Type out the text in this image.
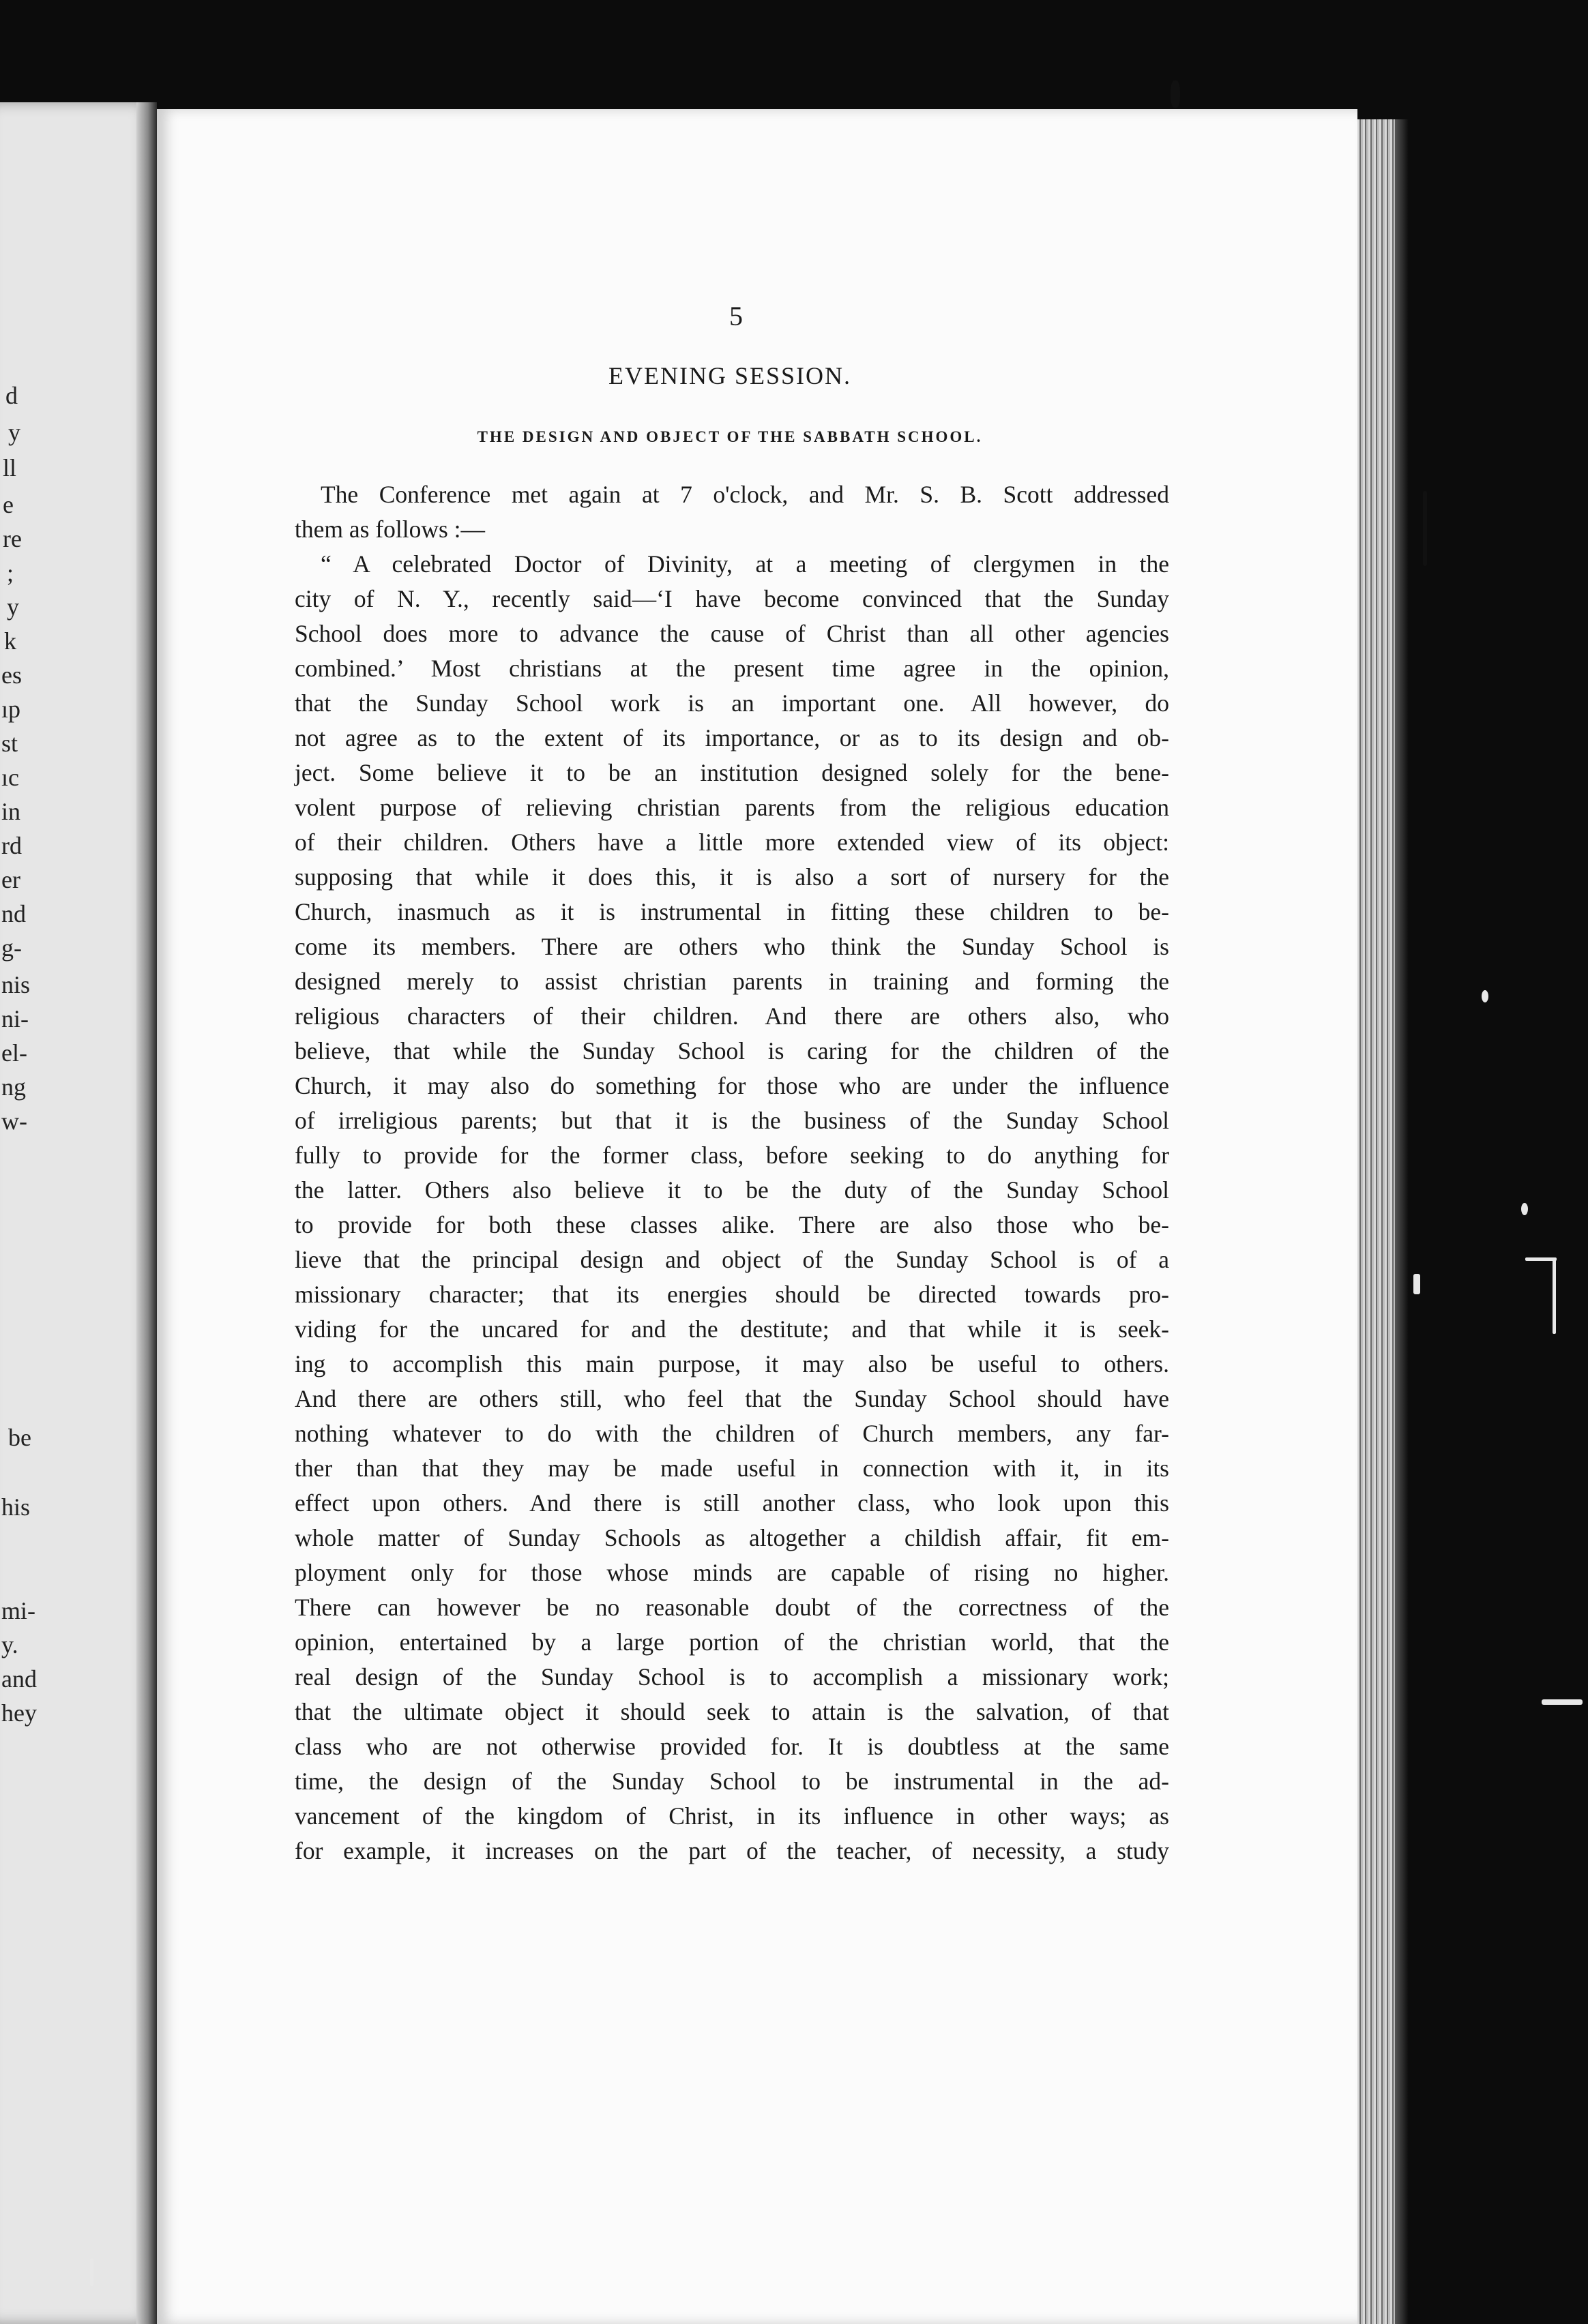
d
y
ll
e
re
;
y
k
es
ıp
st
ıc
in
rd
er
nd
g-
nis
ni-
el-
ng
w-
be
his
mi-
y.
and
hey
5
EVENING SESSION.
THE DESIGN AND OBJECT OF THE SABBATH SCHOOL.
The Conference met again at 7 o'clock, and Mr. S. B. Scott addressed
them as follows :—
“ A celebrated Doctor of Divinity, at a meeting of clergymen in the
city of N. Y., recently said—‘I have become convinced that the Sunday
School does more to advance the cause of Christ than all other agencies
combined.’ Most christians at the present time agree in the opinion,
that the Sunday School work is an important one. All however, do
not agree as to the extent of its importance, or as to its design and ob-
ject. Some believe it to be an institution designed solely for the bene-
volent purpose of relieving christian parents from the religious education
of their children. Others have a little more extended view of its object:
supposing that while it does this, it is also a sort of nursery for the
Church, inasmuch as it is instrumental in fitting these children to be-
come its members. There are others who think the Sunday School is
designed merely to assist christian parents in training and forming the
religious characters of their children. And there are others also, who
believe, that while the Sunday School is caring for the children of the
Church, it may also do something for those who are under the influence
of irreligious parents; but that it is the business of the Sunday School
fully to provide for the former class, before seeking to do anything for
the latter. Others also believe it to be the duty of the Sunday School
to provide for both these classes alike. There are also those who be-
lieve that the principal design and object of the Sunday School is of a
missionary character; that its energies should be directed towards pro-
viding for the uncared for and the destitute; and that while it is seek-
ing to accomplish this main purpose, it may also be useful to others.
And there are others still, who feel that the Sunday School should have
nothing whatever to do with the children of Church members, any far-
ther than that they may be made useful in connection with it, in its
effect upon others. And there is still another class, who look upon this
whole matter of Sunday Schools as altogether a childish affair, fit em-
ployment only for those whose minds are capable of rising no higher.
There can however be no reasonable doubt of the correctness of the
opinion, entertained by a large portion of the christian world, that the
real design of the Sunday School is to accomplish a missionary work;
that the ultimate object it should seek to attain is the salvation, of that
class who are not otherwise provided for. It is doubtless at the same
time, the design of the Sunday School to be instrumental in the ad-
vancement of the kingdom of Christ, in its influence in other ways; as
for example, it increases on the part of the teacher, of necessity, a study
